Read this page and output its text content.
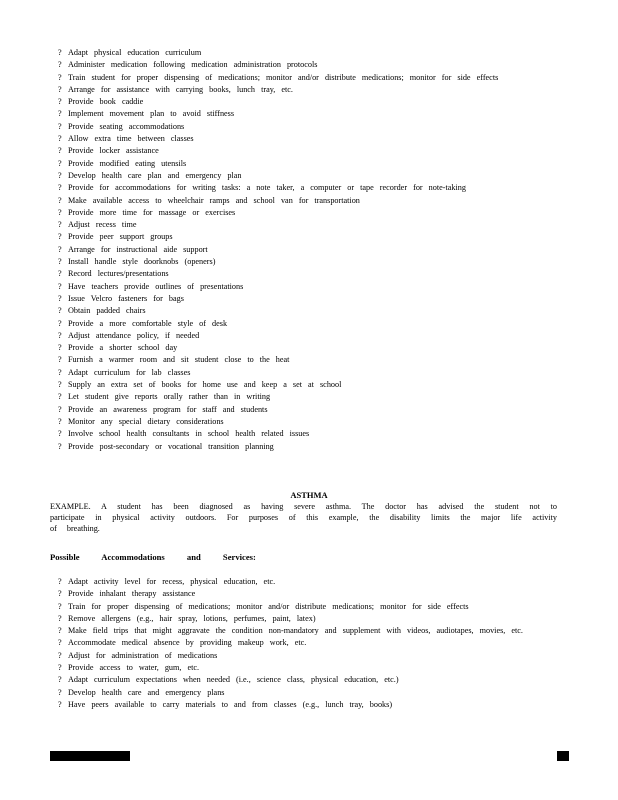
? Adapt physical education curriculum
? Administer medication following medication administration protocols
? Train student for proper dispensing of medications; monitor and/or distribute medications; monitor for side effects
? Arrange for assistance with carrying books, lunch tray, etc.
? Provide book caddie
? Implement movement plan to avoid stiffness
? Provide seating accommodations
? Allow extra time between classes
? Provide locker assistance
? Provide modified eating utensils
? Develop health care plan and emergency plan
? Provide for accommodations for writing tasks: a note taker, a computer or tape recorder for note-taking
? Make available access to wheelchair ramps and school van for transportation
? Provide more time for massage or exercises
? Adjust recess time
? Provide peer support groups
? Arrange for instructional aide support
? Install handle style doorknobs (openers)
? Record lectures/presentations
? Have teachers provide outlines of presentations
? Issue Velcro fasteners for bags
? Obtain padded chairs
? Provide a more comfortable style of desk
? Adjust attendance policy, if needed
? Provide a shorter school day
? Furnish a warmer room and sit student close to the heat
? Adapt curriculum for lab classes
? Supply an extra set of books for home use and keep a set at school
? Let student give reports orally rather than in writing
? Provide an awareness program for staff and students
? Monitor any special dietary considerations
? Involve school health consultants in school health related issues
? Provide post-secondary or vocational transition planning
ASTHMA
EXAMPLE. A student has been diagnosed as having severe asthma. The doctor has advised the student not to participate in physical activity outdoors. For purposes of this example, the disability limits the major life activity of breathing.
Possible Accommodations and Services:
? Adapt activity level for recess, physical education, etc.
? Provide inhalant therapy assistance
? Train for proper dispensing of medications; monitor and/or distribute medications; monitor for side effects
? Remove allergens (e.g., hair spray, lotions, perfumes, paint, latex)
? Make field trips that might aggravate the condition non-mandatory and supplement with videos, audiotapes, movies, etc.
? Accommodate medical absence by providing makeup work, etc.
? Adjust for administration of medications
? Provide access to water, gum, etc.
? Adapt curriculum expectations when needed (i.e., science class, physical education, etc.)
? Develop health care and emergency plans
? Have peers available to carry materials to and from classes (e.g., lunch tray, books)
